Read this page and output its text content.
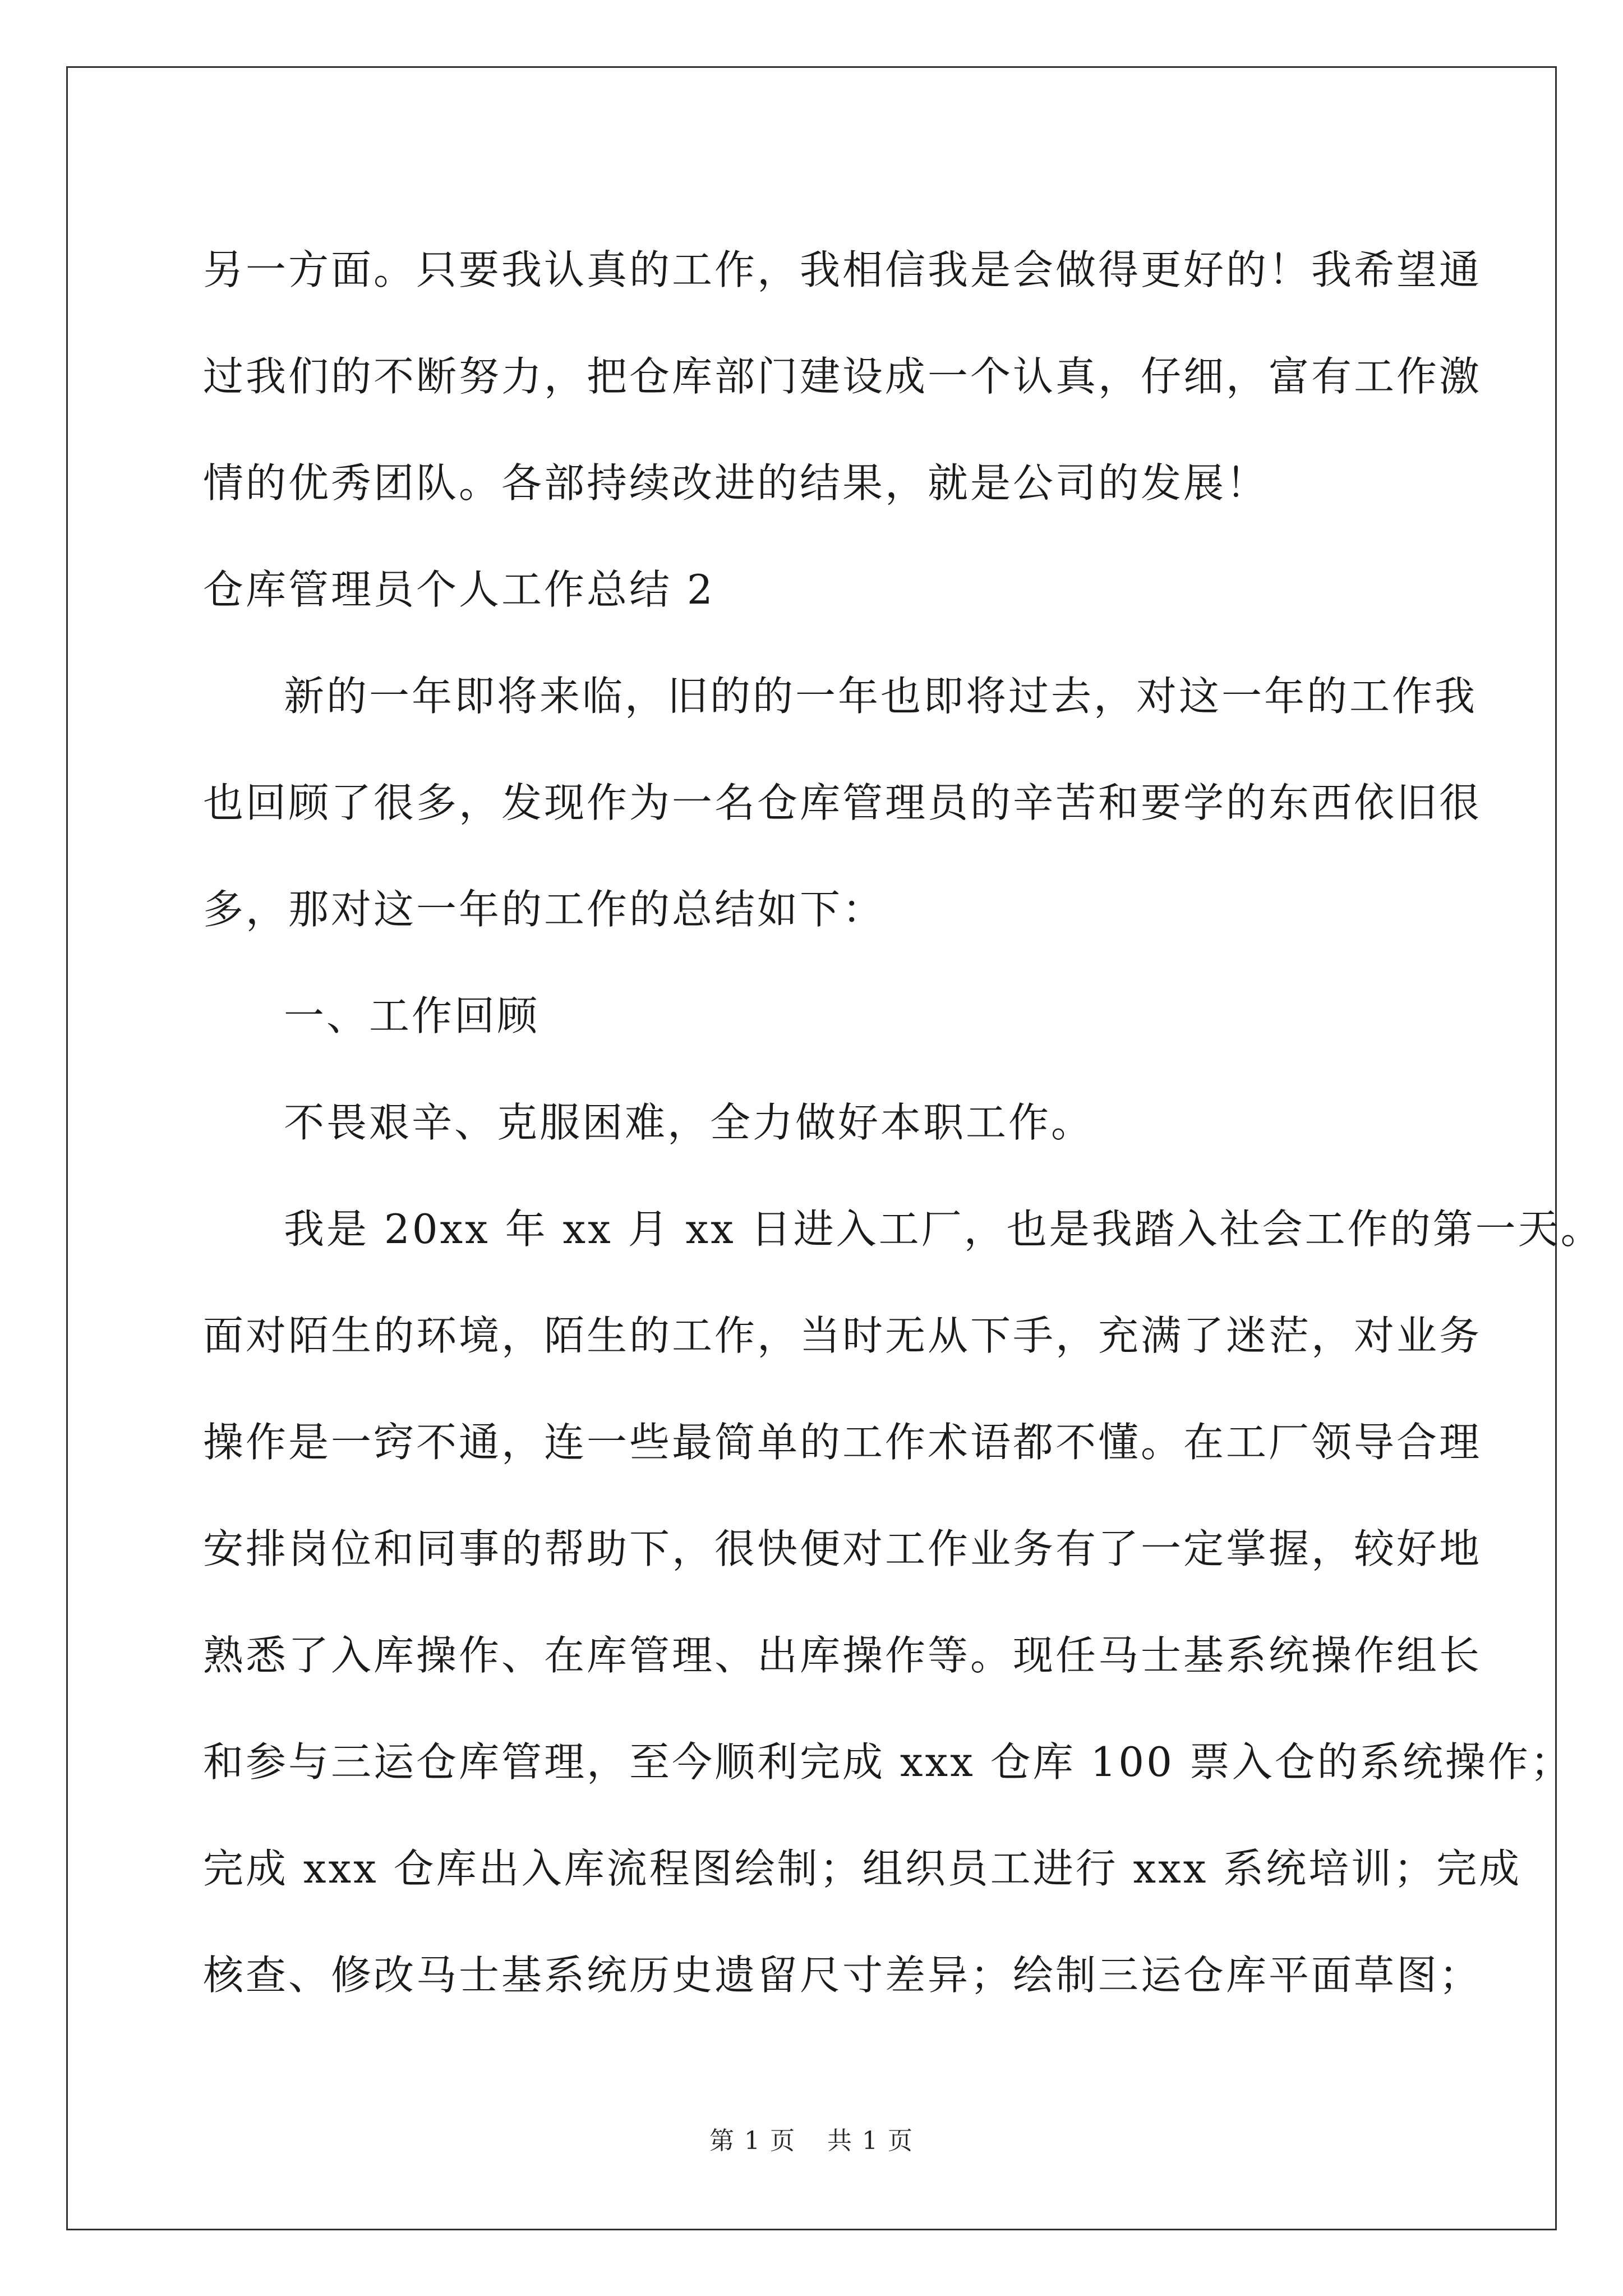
另一方面。只要我认真的工作，我相信我是会做得更好的！我希望通
过我们的不断努力，把仓库部门建设成一个认真，仔细，富有工作激
情的优秀团队。各部持续改进的结果，就是公司的发展！
仓库管理员个人工作总结 2
新的一年即将来临，旧的的一年也即将过去，对这一年的工作我
也回顾了很多，发现作为一名仓库管理员的辛苦和要学的东西依旧很
多，那对这一年的工作的总结如下：
一、工作回顾
不畏艰辛、克服困难，全力做好本职工作。
我是 20xx 年 xx 月 xx 日进入工厂，也是我踏入社会工作的第一天。
面对陌生的环境，陌生的工作，当时无从下手，充满了迷茫，对业务
操作是一窍不通，连一些最简单的工作术语都不懂。在工厂领导合理
安排岗位和同事的帮助下，很快便对工作业务有了一定掌握，较好地
熟悉了入库操作、在库管理、出库操作等。现任马士基系统操作组长
和参与三运仓库管理，至今顺利完成 xxx 仓库 100 票入仓的系统操作；
完成 xxx 仓库出入库流程图绘制；组织员工进行 xxx 系统培训；完成
核查、修改马士基系统历史遗留尺寸差异；绘制三运仓库平面草图；
第 1 页 共 1 页
